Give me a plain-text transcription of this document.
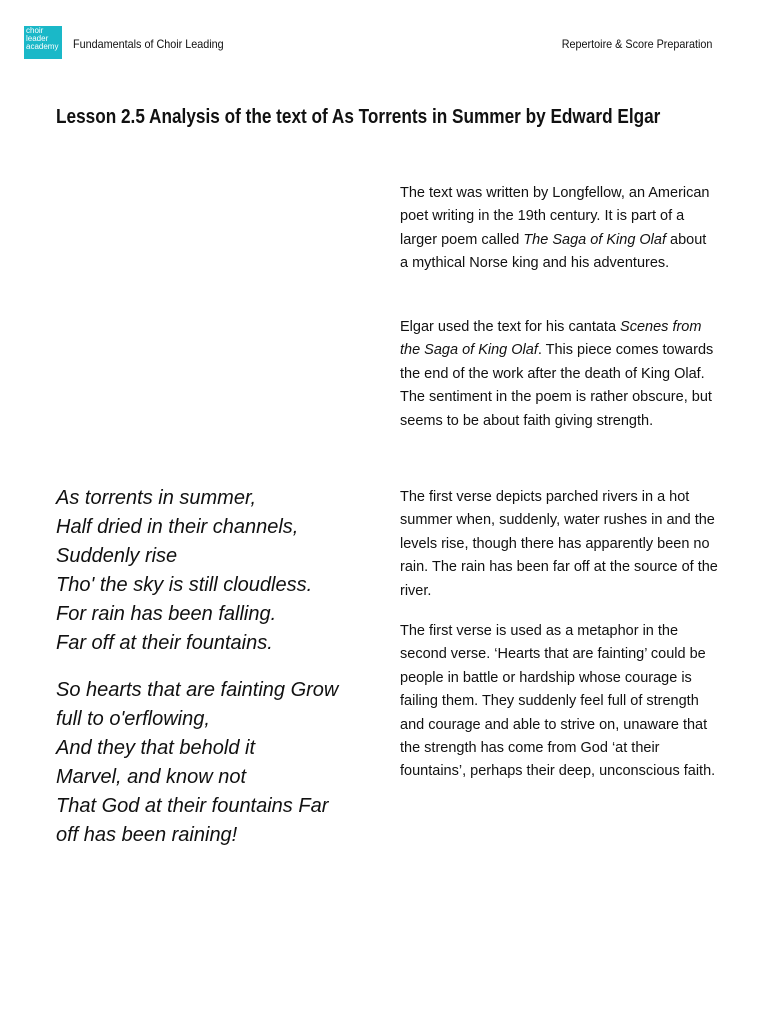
choir
leader
academy Fundamentals of Choir Leading	Repertoire & Score Preparation
Lesson 2.5 Analysis of the text of As Torrents in Summer by Edward Elgar

The text was written by Longfellow, an American poet writing in the 19th century. It is part of a larger poem called The Saga of King Olaf about a mythical Norse king and his adventures.

Elgar used the text for his cantata Scenes from the Saga of King Olaf. This piece comes towards the end of the work after the death of King Olaf. The sentiment in the poem is rather obscure, but seems to be about faith giving strength.

The first verse depicts parched rivers in a hot summer when, suddenly, water rushes in and the levels rise, though there has apparently been no rain. The rain has been far off at the source of the river.

The first verse is used as a metaphor in the second verse. ‘Hearts that are fainting’ could be people in battle or hardship whose courage is failing them. They suddenly feel full of strength and courage and able to strive on, unaware that the strength has come from God ‘at their fountains’, perhaps their deep, unconscious faith.

As torrents in summer,
Half dried in their channels,
Suddenly rise
Tho' the sky is still cloudless.
For rain has been falling.
Far off at their fountains.
So hearts that are fainting Grow
full to o'erflowing,
And they that behold it
Marvel, and know not
That God at their fountains Far
off has been raining!
